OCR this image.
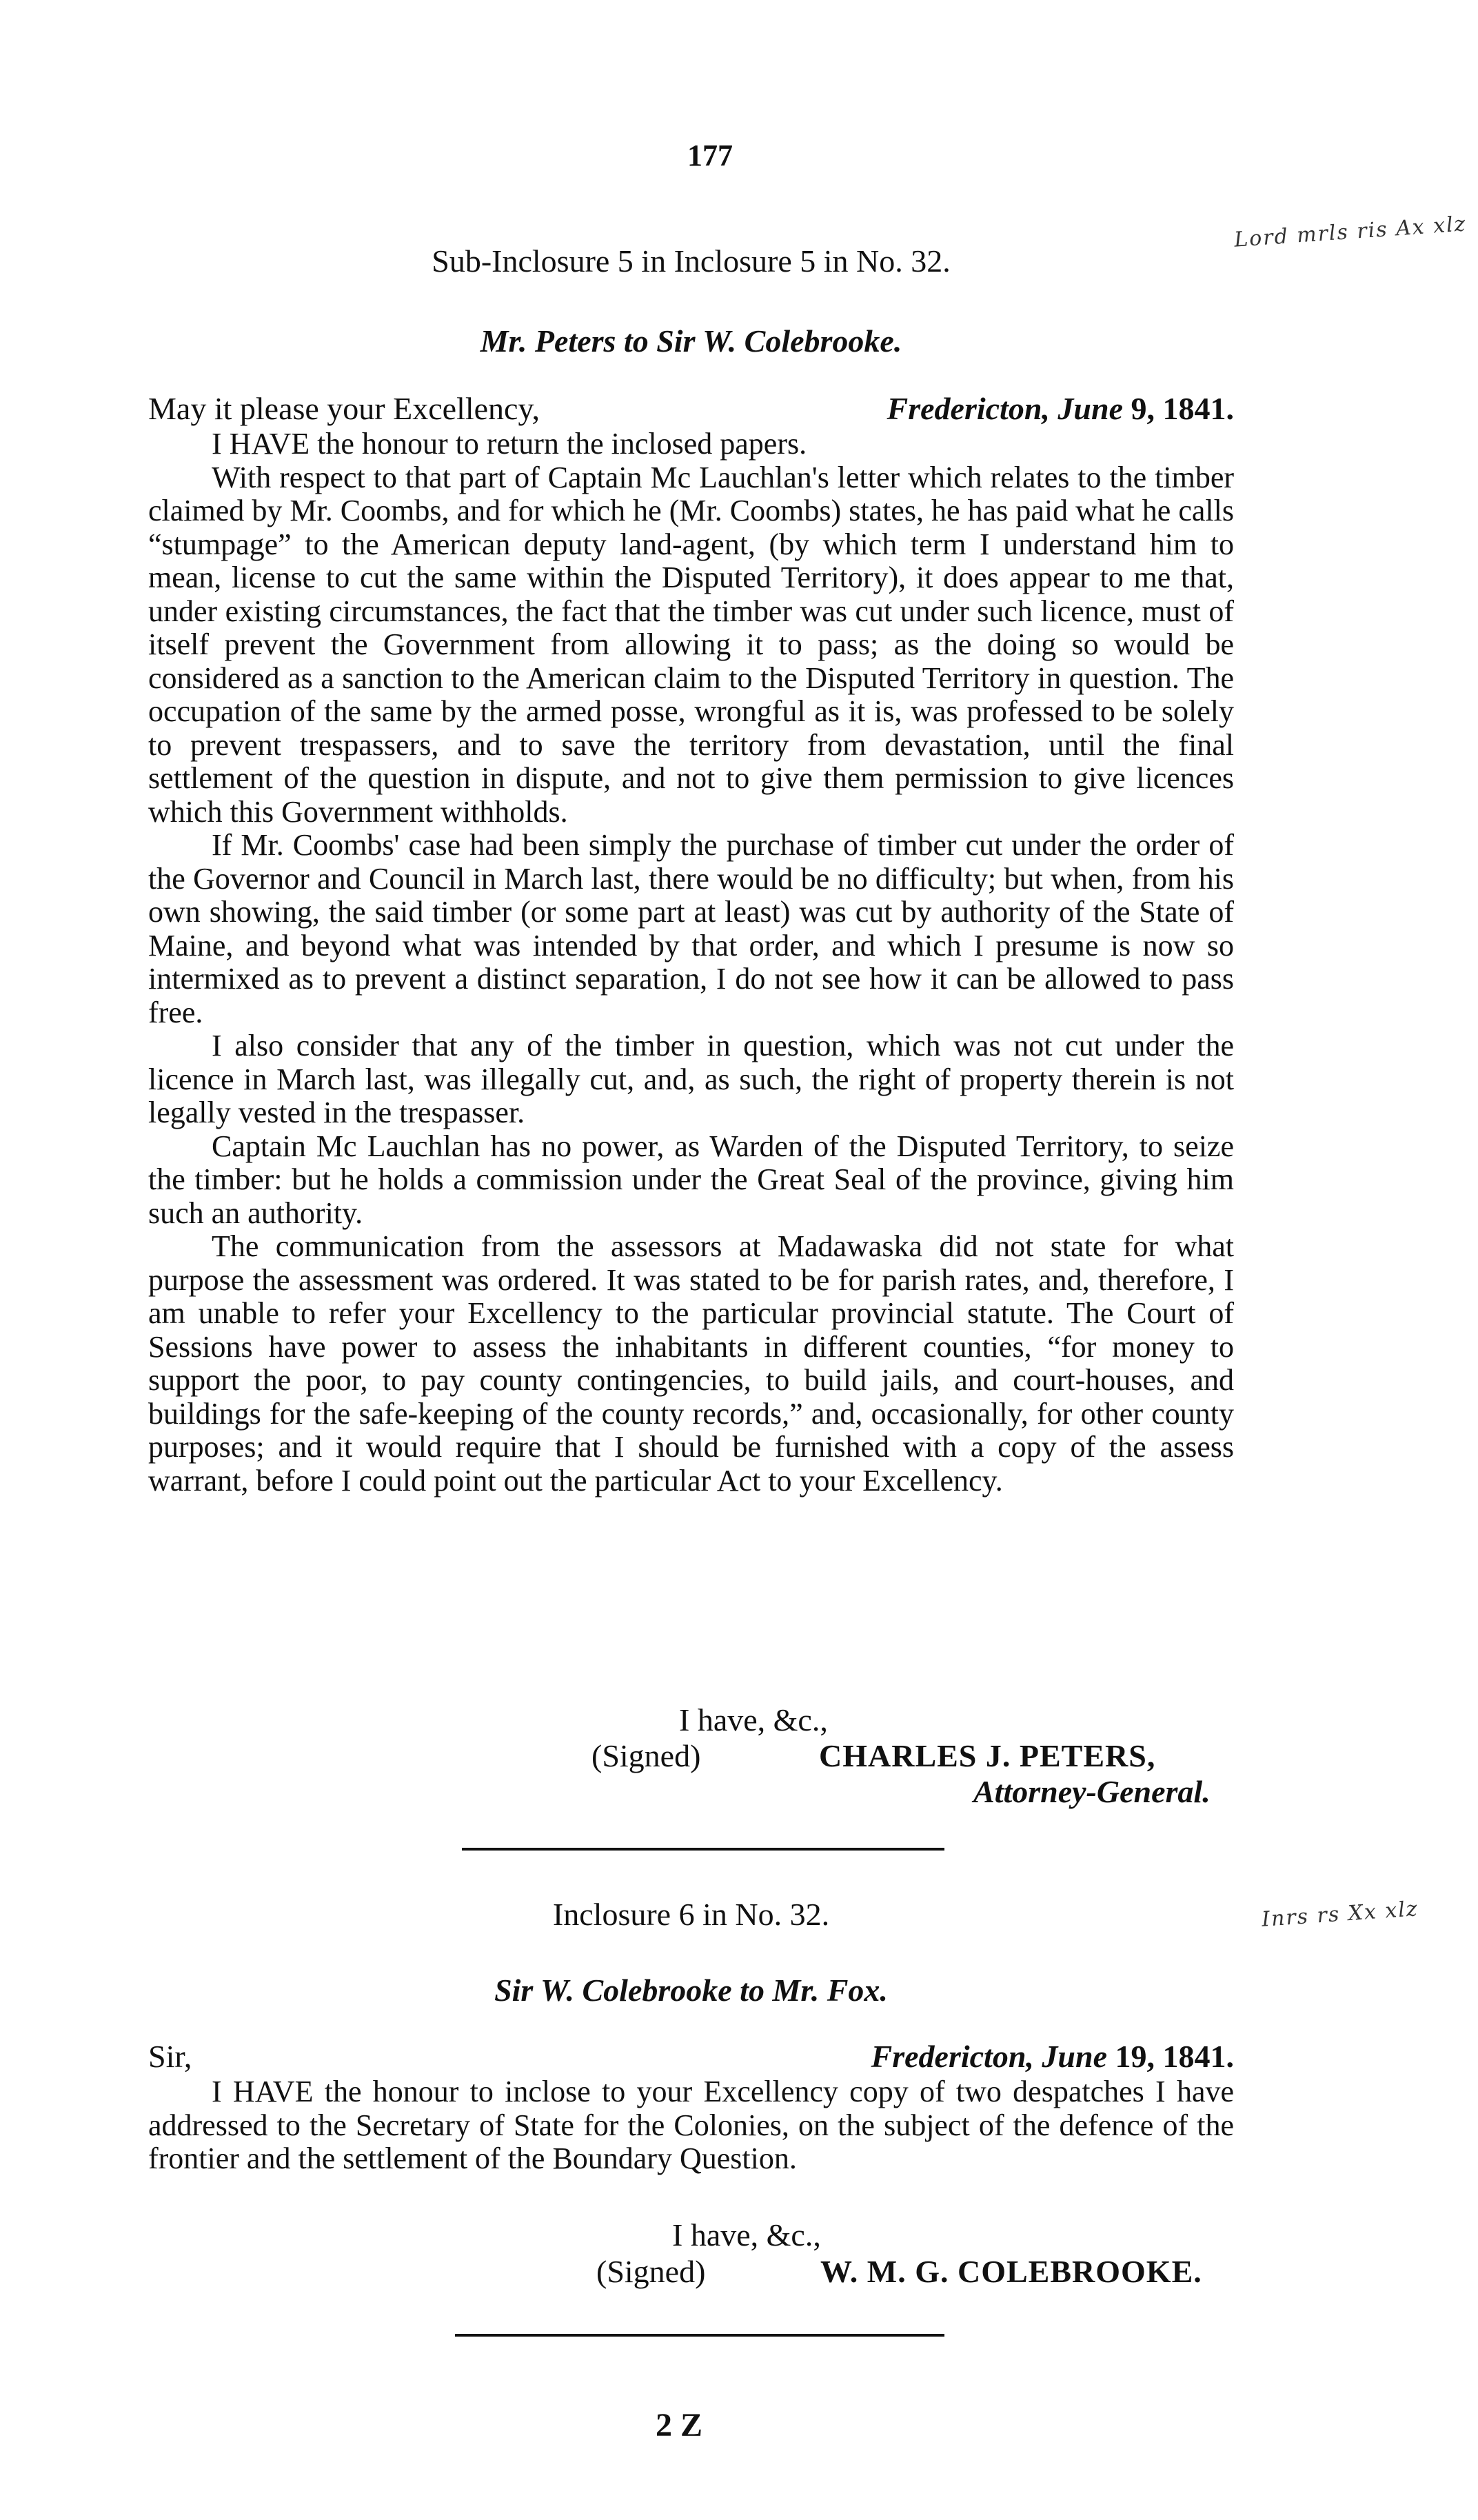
177
Lord mrls ris Ax xlz
Sub-Inclosure 5 in Inclosure 5 in No. 32.
Mr. Peters to Sir W. Colebrooke.
May it please your Excellency,	Fredericton, June 9, 1841.

I HAVE the honour to return the inclosed papers.

With respect to that part of Captain Mc Lauchlan's letter which relates to the timber claimed by Mr. Coombs, and for which he (Mr. Coombs) states, he has paid what he calls “stumpage” to the American deputy land-agent, (by which term I understand him to mean, license to cut the same within the Disputed Territory), it does appear to me that, under existing circumstances, the fact that the timber was cut under such licence, must of itself prevent the Government from allowing it to pass; as the doing so would be considered as a sanction to the American claim to the Disputed Territory in question. The occupation of the same by the armed posse, wrongful as it is, was professed to be solely to prevent trespassers, and to save the territory from devastation, until the final settlement of the question in dispute, and not to give them permission to give licences which this Government withholds.

If Mr. Coombs' case had been simply the purchase of timber cut under the order of the Governor and Council in March last, there would be no difficulty; but when, from his own showing, the said timber (or some part at least) was cut by authority of the State of Maine, and beyond what was intended by that order, and which I presume is now so intermixed as to prevent a distinct separation, I do not see how it can be allowed to pass free.

I also consider that any of the timber in question, which was not cut under the licence in March last, was illegally cut, and, as such, the right of property therein is not legally vested in the trespasser.

Captain Mc Lauchlan has no power, as Warden of the Disputed Territory, to seize the timber: but he holds a commission under the Great Seal of the province, giving him such an authority.

The communication from the assessors at Madawaska did not state for what purpose the assessment was ordered. It was stated to be for parish rates, and, therefore, I am unable to refer your Excellency to the particular provincial statute. The Court of Sessions have power to assess the inhabitants in different counties, “for money to support the poor, to pay county contingencies, to build jails, and court-houses, and buildings for the safe-keeping of the county records,” and, occasionally, for other county purposes; and it would require that I should be furnished with a copy of the assess warrant, before I could point out the particular Act to your Excellency.

I have, &c.,
(Signed)	CHARLES J. PETERS,
Attorney-General.
Inrs rs Xx xlz
Inclosure 6 in No. 32.
Sir W. Colebrooke to Mr. Fox.
Sir,	Fredericton, June 19, 1841.

I HAVE the honour to inclose to your Excellency copy of two despatches I have addressed to the Secretary of State for the Colonies, on the subject of the defence of the frontier and the settlement of the Boundary Question.

I have, &c.,
(Signed)	W. M. G. COLEBROOKE.
2 Z
